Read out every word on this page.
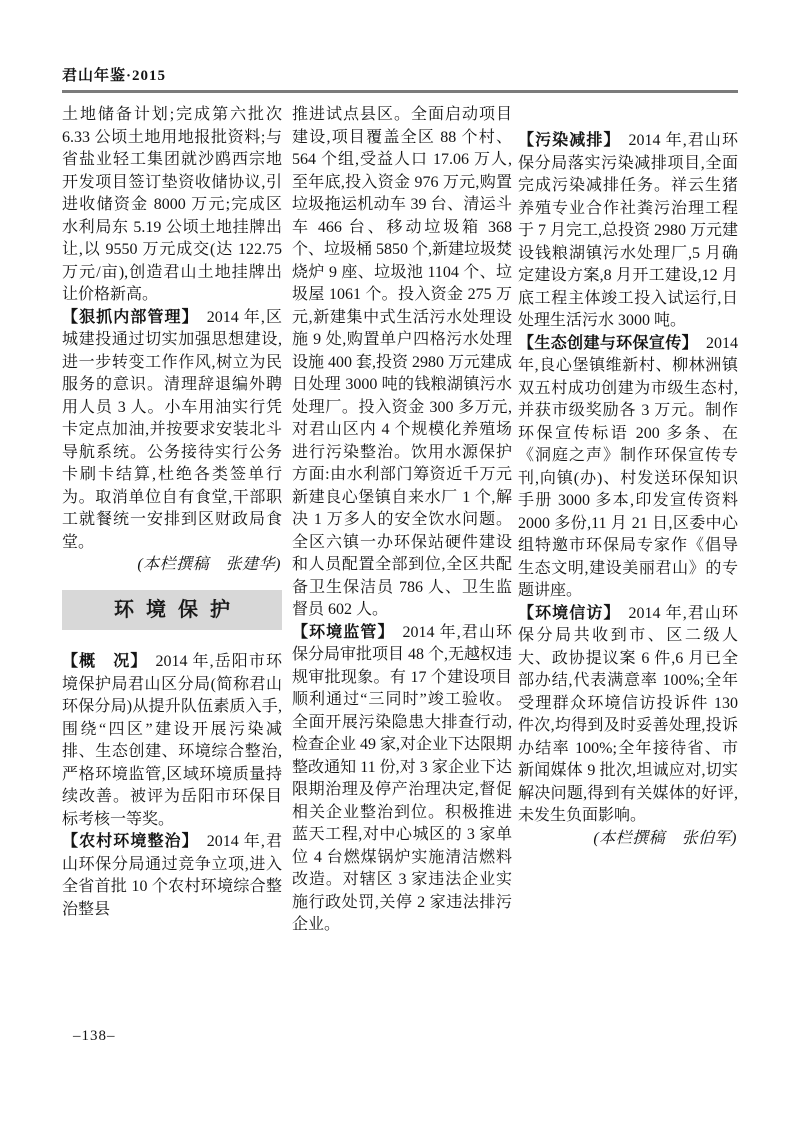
君山年鉴·2015

土地储备计划;完成第六批次 6.33 公顷土地用地报批资料;与省盐业轻工集团就沙鸥西宗地开发项目签订垫资收储协议,引进收储资金 8000 万元;完成区水利局东 5.19 公顷土地挂牌出让,以 9550 万元成交(达 122.75 万元/亩),创造君山土地挂牌出让价格新高。

【狠抓内部管理】 2014 年,区城建投通过切实加强思想建设,进一步转变工作作风,树立为民服务的意识。清理辞退编外聘用人员 3 人。小车用油实行凭卡定点加油,并按要求安装北斗导航系统。公务接待实行公务卡刷卡结算,杜绝各类签单行为。取消单位自有食堂,干部职工就餐统一安排到区财政局食堂。

(本栏撰稿　张建华)

环境保护

【概　况】 2014 年,岳阳市环境保护局君山区分局(简称君山环保分局)从提升队伍素质入手,围绕“四区”建设开展污染减排、生态创建、环境综合整治,严格环境监管,区域环境质量持续改善。被评为岳阳市环保目标考核一等奖。

【农村环境整治】 2014 年,君山环保分局通过竞争立项,进入全省首批 10 个农村环境综合整治整县

推进试点县区。全面启动项目建设,项目覆盖全区 88 个村、564 个组,受益人口 17.06 万人,至年底,投入资金 976 万元,购置垃圾拖运机动车 39 台、清运斗车 466 台、移动垃圾箱 368 个、垃圾桶 5850 个,新建垃圾焚烧炉 9 座、垃圾池 1104 个、垃圾屋 1061 个。投入资金 275 万元,新建集中式生活污水处理设施 9 处,购置单户四格污水处理设施 400 套,投资 2980 万元建成日处理 3000 吨的钱粮湖镇污水处理厂。投入资金 300 多万元,对君山区内 4 个规模化养殖场进行污染整治。饮用水源保护方面:由水利部门筹资近千万元新建良心堡镇自来水厂 1 个,解决 1 万多人的安全饮水问题。全区六镇一办环保站硬件建设和人员配置全部到位,全区共配备卫生保洁员 786 人、卫生监督员 602 人。

【环境监管】 2014 年,君山环保分局审批项目 48 个,无越权违规审批现象。有 17 个建设项目顺利通过“三同时”竣工验收。全面开展污染隐患大排查行动,检查企业 49 家,对企业下达限期整改通知 11 份,对 3 家企业下达限期治理及停产治理决定,督促相关企业整治到位。积极推进蓝天工程,对中心城区的 3 家单位 4 台燃煤锅炉实施清洁燃料改造。对辖区 3 家违法企业实施行政处罚,关停 2 家违法排污企业。

【污染减排】 2014 年,君山环保分局落实污染减排项目,全面完成污染减排任务。祥云生猪养殖专业合作社粪污治理工程于 7 月完工,总投资 2980 万元建设钱粮湖镇污水处理厂,5 月确定建设方案,8 月开工建设,12 月底工程主体竣工投入试运行,日处理生活污水 3000 吨。

【生态创建与环保宣传】 2014 年,良心堡镇维新村、柳林洲镇双五村成功创建为市级生态村,并获市级奖励各 3 万元。制作环保宣传标语 200 多条、在《洞庭之声》制作环保宣传专刊,向镇(办)、村发送环保知识手册 3000 多本,印发宣传资料 2000 多份,11 月 21 日,区委中心组特邀市环保局专家作《倡导生态文明,建设美丽君山》的专题讲座。

【环境信访】 2014 年,君山环保分局共收到市、区二级人大、政协提议案 6 件,6 月已全部办结,代表满意率 100%;全年受理群众环境信访投诉件 130 件次,均得到及时妥善处理,投诉办结率 100%;全年接待省、市新闻媒体 9 批次,坦诚应对,切实解决问题,得到有关媒体的好评,未发生负面影响。

(本栏撰稿　张伯军)

–138–
